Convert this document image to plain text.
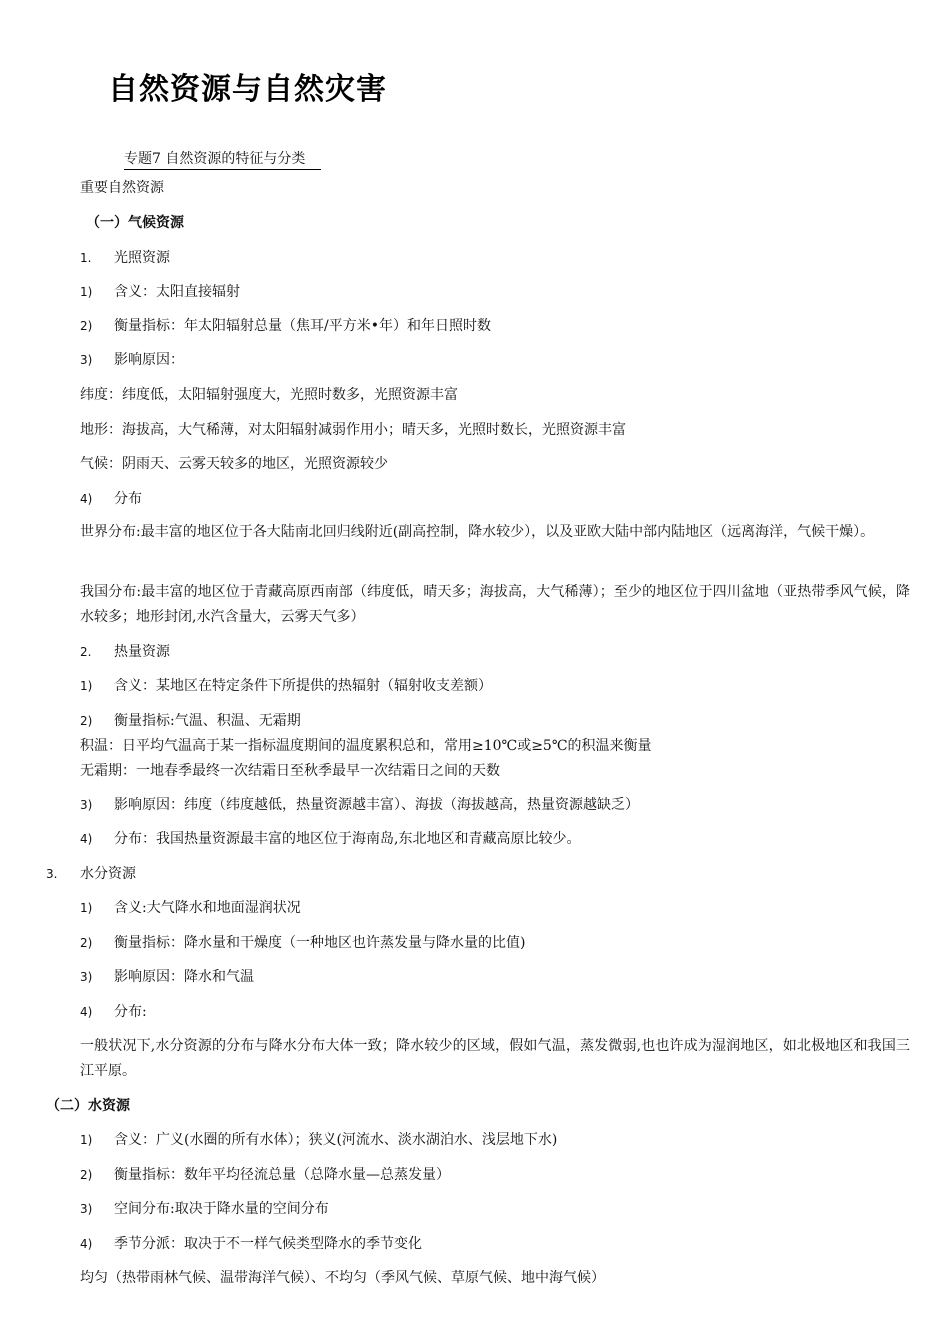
自然资源与自然灾害
专题7 自然资源的特征与分类
重要自然资源
（一）气候资源
1. 光照资源
1) 含义：太阳直接辐射
2) 衡量指标：年太阳辐射总量（焦耳/平方米•年）和年日照时数
3) 影响原因：
纬度：纬度低，太阳辐射强度大，光照时数多，光照资源丰富
地形：海拔高，大气稀薄，对太阳辐射减弱作用小；晴天多，光照时数长，光照资源丰富
气候：阴雨天、云雾天较多的地区，光照资源较少
4) 分布
世界分布:最丰富的地区位于各大陆南北回归线附近(副高控制，降水较少），以及亚欧大陆中部内陆地区（远离海洋，气候干燥）。
我国分布:最丰富的地区位于青藏高原西南部（纬度低，晴天多；海拔高，大气稀薄）；至少的地区位于四川盆地（亚热带季风气候，降水较多；地形封闭,水汽含量大，云雾天气多）
2. 热量资源
1) 含义：某地区在特定条件下所提供的热辐射（辐射收支差额）
2) 衡量指标:气温、积温、无霜期
积温：日平均气温高于某一指标温度期间的温度累积总和，常用≥10℃或≥5℃的积温来衡量
无霜期：一地春季最终一次结霜日至秋季最早一次结霜日之间的天数
3) 影响原因：纬度（纬度越低，热量资源越丰富）、海拔（海拔越高，热量资源越缺乏）
4) 分布：我国热量资源最丰富的地区位于海南岛,东北地区和青藏高原比较少。
3. 水分资源
1) 含义:大气降水和地面湿润状况
2) 衡量指标：降水量和干燥度（一种地区也许蒸发量与降水量的比值)
3) 影响原因：降水和气温
4) 分布:
一般状况下,水分资源的分布与降水分布大体一致；降水较少的区域，假如气温，蒸发微弱,也也许成为湿润地区，如北极地区和我国三江平原。
（二）水资源
1) 含义：广义(水圈的所有水体）；狭义(河流水、淡水湖泊水、浅层地下水)
2) 衡量指标：数年平均径流总量（总降水量—总蒸发量）
3) 空间分布:取决于降水量的空间分布
4) 季节分派：取决于不一样气候类型降水的季节变化
均匀（热带雨林气候、温带海洋气候）、不均匀（季风气候、草原气候、地中海气候）
